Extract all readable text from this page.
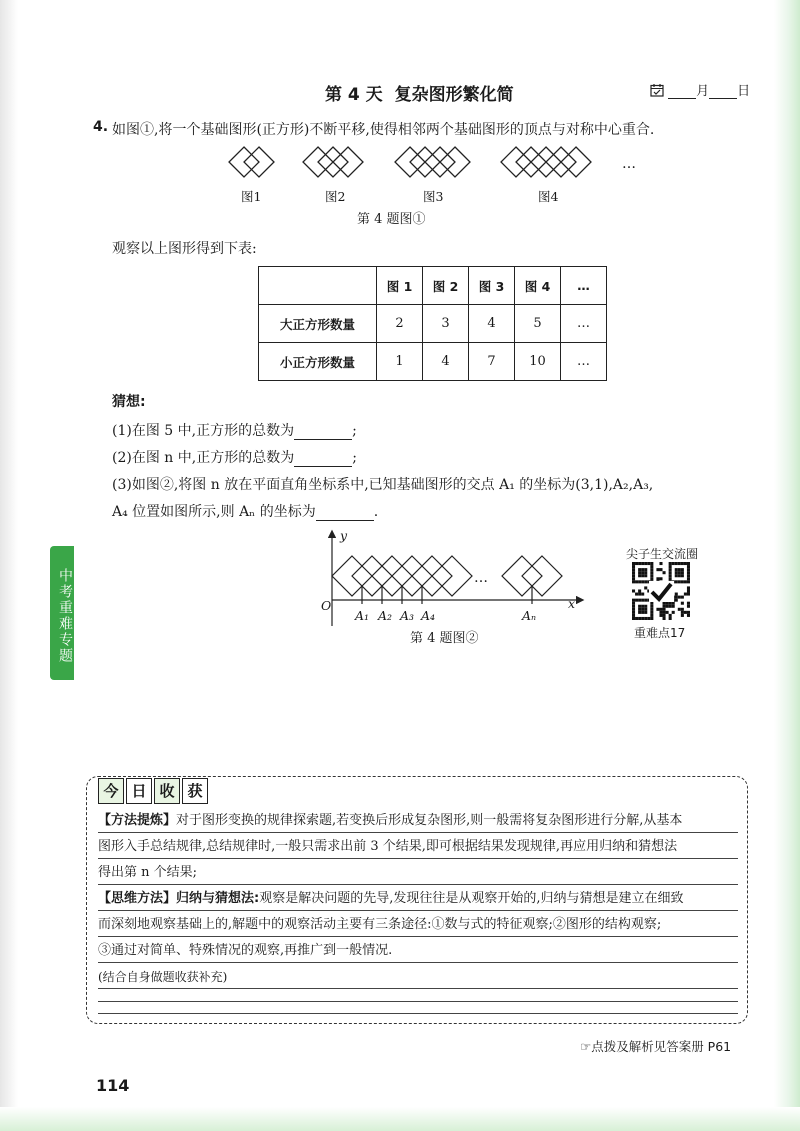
第 4 天 复杂图形繁化简	月 日
4. 如图①,将一个基础图形(正方形)不断平移,使得相邻两个基础图形的顶点与对称中心重合.
图1	图2	图3	图4
…
第 4 题图①
观察以上图形得到下表:
	图 1	图 2	图 3	图 4	…
大正方形数量	2	3	4	5	…
小正方形数量	1	4	7	10	…
猜想:
(1)在图 5 中,正方形的总数为	;
(2)在图 n 中,正方形的总数为	;
(3)如图②,将图 n 放在平面直角坐标系中,已知基础图形的交点 A₁ 的坐标为(3,1),A₂,A₃,
A₄ 位置如图所示,则 Aₙ 的坐标为	.
y
x
O
A₁ A₂ A₃ A₄	Aₙ
…
第 4 题图②
尖子生交流圈
重难点17
中考重难专题
今 日 收 获
【方法提炼】对于图形变换的规律探索题,若变换后形成复杂图形,则一般需将复杂图形进行分解,从基本
图形入手总结规律,总结规律时,一般只需求出前 3 个结果,即可根据结果发现规律,再应用归纳和猜想法
得出第 n 个结果;
【思维方法】归纳与猜想法:观察是解决问题的先导,发现往往是从观察开始的,归纳与猜想是建立在细致
而深刻地观察基础上的,解题中的观察活动主要有三条途径:①数与式的特征观察;②图形的结构观察;
③通过对简单、特殊情况的观察,再推广到一般情况.
(结合自身做题收获补充)
☞点拨及解析见答案册 P61
114
